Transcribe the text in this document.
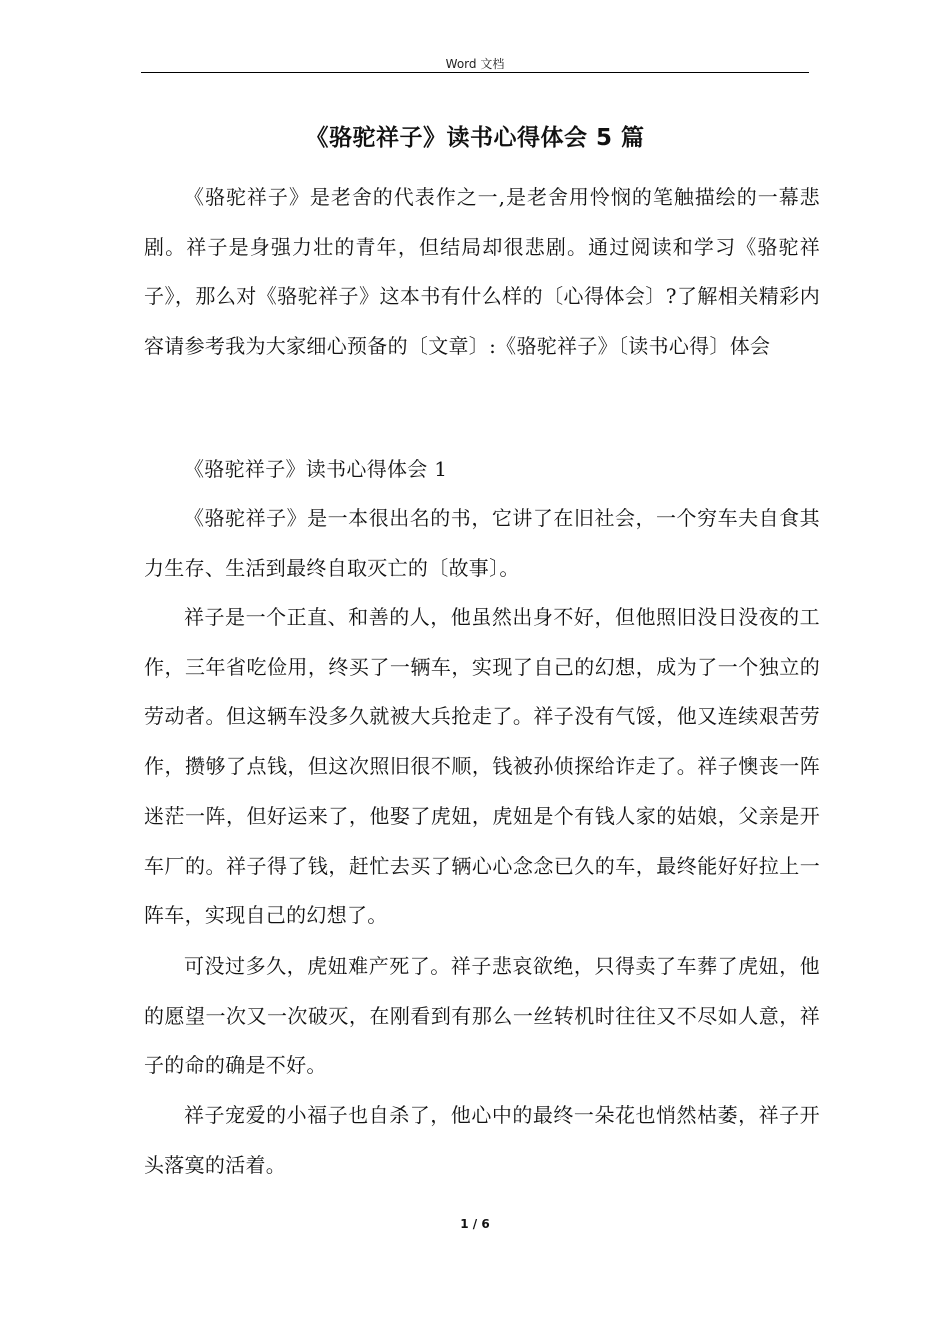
Word 文档
《骆驼祥子》读书心得体会 5 篇

《骆驼祥子》是老舍的代表作之一,是老舍用怜悯的笔触描绘的一幕悲剧。祥子是身强力壮的青年，但结局却很悲剧。通过阅读和学习《骆驼祥子》，那么对《骆驼祥子》这本书有什么样的〔心得体会〕?了解相关精彩内容请参考我为大家细心预备的〔文章〕:《骆驼祥子》〔读书心得〕体会

《骆驼祥子》读书心得体会 1

《骆驼祥子》是一本很出名的书，它讲了在旧社会，一个穷车夫自食其力生存、生活到最终自取灭亡的〔故事〕。

祥子是一个正直、和善的人，他虽然出身不好，但他照旧没日没夜的工作，三年省吃俭用，终买了一辆车，实现了自己的幻想，成为了一个独立的劳动者。但这辆车没多久就被大兵抢走了。祥子没有气馁，他又连续艰苦劳作，攒够了点钱，但这次照旧很不顺，钱被孙侦探给诈走了。祥子懊丧一阵迷茫一阵，但好运来了，他娶了虎妞，虎妞是个有钱人家的姑娘，父亲是开车厂的。祥子得了钱，赶忙去买了辆心心念念已久的车，最终能好好拉上一阵车，实现自己的幻想了。

可没过多久，虎妞难产死了。祥子悲哀欲绝，只得卖了车葬了虎妞，他的愿望一次又一次破灭，在刚看到有那么一丝转机时往往又不尽如人意，祥子的命的确是不好。

祥子宠爱的小福子也自杀了，他心中的最终一朵花也悄然枯萎，祥子开头落寞的活着。

1 / 6
